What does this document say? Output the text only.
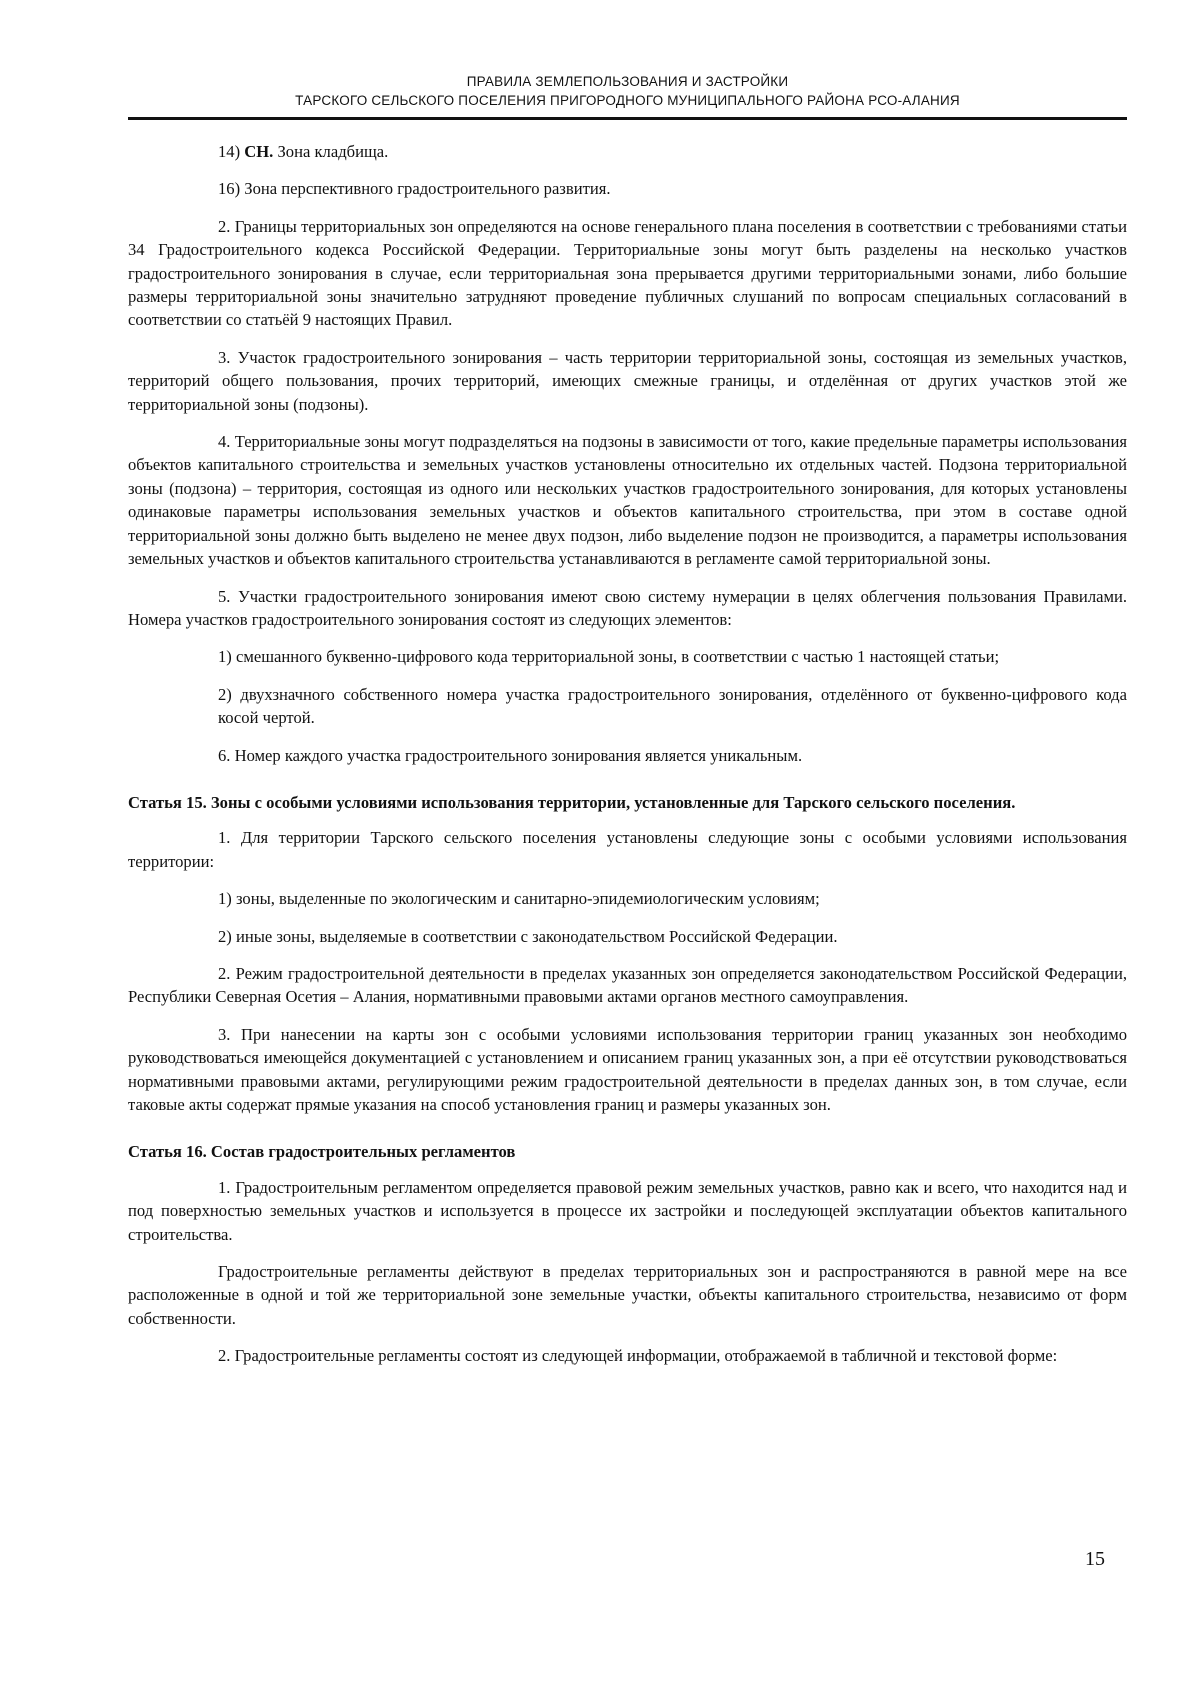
ПРАВИЛА ЗЕМЛЕПОЛЬЗОВАНИЯ И ЗАСТРОЙКИ
ТАРСКОГО СЕЛЬСКОГО ПОСЕЛЕНИЯ ПРИГОРОДНОГО МУНИЦИПАЛЬНОГО РАЙОНА РСО-АЛАНИЯ

14) СН. Зона кладбища.

16) Зона перспективного градостроительного развития.

2. Границы территориальных зон определяются на основе генерального плана поселения в соответствии с требованиями статьи 34 Градостроительного кодекса Российской Федерации. Территориальные зоны могут быть разделены на несколько участков градостроительного зонирования в случае, если территориальная зона прерывается другими территориальными зонами, либо большие размеры территориальной зоны значительно затрудняют проведение публичных слушаний по вопросам специальных согласований в соответствии со статьёй 9 настоящих Правил.

3. Участок градостроительного зонирования – часть территории территориальной зоны, состоящая из земельных участков, территорий общего пользования, прочих территорий, имеющих смежные границы, и отделённая от других участков этой же территориальной зоны (подзоны).

4. Территориальные зоны могут подразделяться на подзоны в зависимости от того, какие предельные параметры использования объектов капитального строительства и земельных участков установлены относительно их отдельных частей. Подзона территориальной зоны (подзона) – территория, состоящая из одного или нескольких участков градостроительного зонирования, для которых установлены одинаковые параметры использования земельных участков и объектов капитального строительства, при этом в составе одной территориальной зоны должно быть выделено не менее двух подзон, либо выделение подзон не производится, а параметры использования земельных участков и объектов капитального строительства устанавливаются в регламенте самой территориальной зоны.

5. Участки градостроительного зонирования имеют свою систему нумерации в целях облегчения пользования Правилами. Номера участков градостроительного зонирования состоят из следующих элементов:

1) смешанного буквенно-цифрового кода территориальной зоны, в соответствии с частью 1 настоящей статьи;

2) двухзначного собственного номера участка градостроительного зонирования, отделённого от буквенно-цифрового кода косой чертой.

6. Номер каждого участка градостроительного зонирования является уникальным.

Статья 15. Зоны с особыми условиями использования территории, установленные для Тарского сельского поселения.

1. Для территории Тарского сельского поселения установлены следующие зоны с особыми условиями использования территории:

1) зоны, выделенные по экологическим и санитарно-эпидемиологическим условиям;

2) иные зоны, выделяемые в соответствии с законодательством Российской Федерации.

2. Режим градостроительной деятельности в пределах указанных зон определяется законодательством Российской Федерации, Республики Северная Осетия – Алания, нормативными правовыми актами органов местного самоуправления.

3. При нанесении на карты зон с особыми условиями использования территории границ указанных зон необходимо руководствоваться имеющейся документацией с установлением и описанием границ указанных зон, а при её отсутствии руководствоваться нормативными правовыми актами, регулирующими режим градостроительной деятельности в пределах данных зон, в том случае, если таковые акты содержат прямые указания на способ установления границ и размеры указанных зон.

Статья 16. Состав градостроительных регламентов

1. Градостроительным регламентом определяется правовой режим земельных участков, равно как и всего, что находится над и под поверхностью земельных участков и используется в процессе их застройки и последующей эксплуатации объектов капитального строительства.

Градостроительные регламенты действуют в пределах территориальных зон и распространяются в равной мере на все расположенные в одной и той же территориальной зоне земельные участки, объекты капитального строительства, независимо от форм собственности.

2. Градостроительные регламенты состоят из следующей информации, отображаемой в табличной и текстовой форме:

15
